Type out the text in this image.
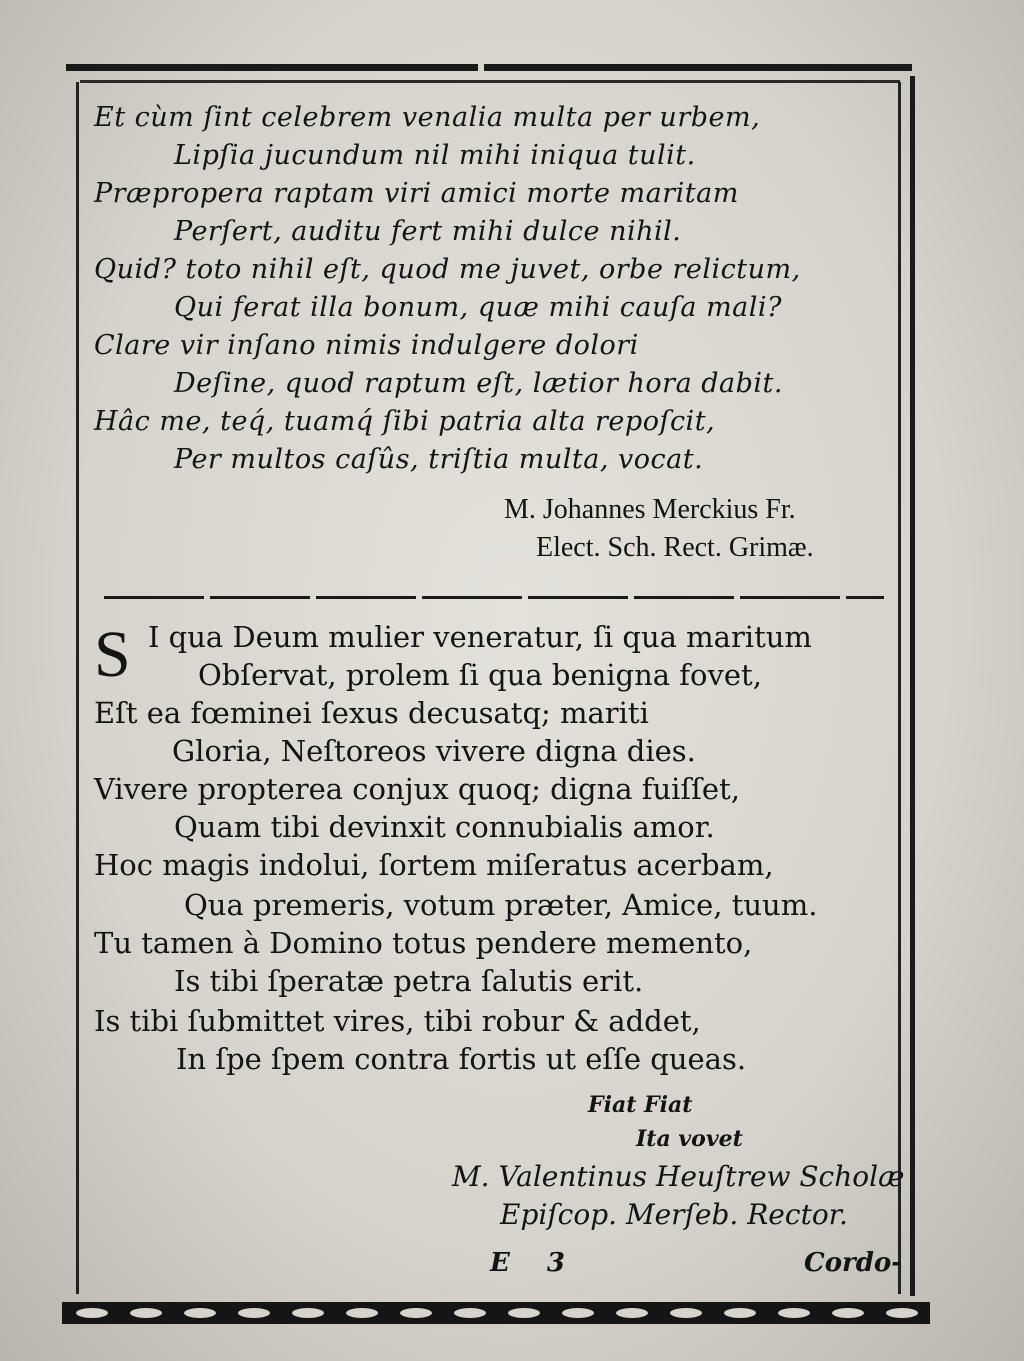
Et cùm ſint celebrem venalia multa per urbem,
Lipſia jucundum nil mihi iniqua tulit.
Præpropera raptam viri amici morte maritam
Perſert, auditu fert mihi dulce nihil.
Quid? toto nihil eſt, quod me juvet, orbe relictum,
Qui ferat illa bonum, quæ mihi cauſa mali?
Clare vir inſano nimis indulgere dolori
Deſine, quod raptum eſt, lætior hora dabit.
Hâc me, teq́, tuamq́ ſibi patria alta repoſcit,
Per multos caſûs, triſtia multa, vocat.
M. Johannes Merckius Fr.
Elect. Sch. Rect. Grimæ.
S I qua Deum mulier veneratur, ſi qua maritum
Obſervat, prolem ſi qua benigna fovet,
Eſt ea fœminei ſexus decusatq; mariti
Gloria, Neſtoreos vivere digna dies.
Vivere propterea conjux quoq; digna fuiſſet,
Quam tibi devinxit connubialis amor.
Hoc magis indolui, ſortem miſeratus acerbam,
Qua premeris, votum præter, Amice, tuum.
Tu tamen à Domino totus pendere memento,
Is tibi ſperatæ petra ſalutis erit.
Is tibi ſubmittet vires, tibi robur & addet,
In ſpe ſpem contra fortis ut eſſe queas.
Fiat Fiat
Ita vovet
M. Valentinus Heuſtrew Scholæ
Epiſcop. Merſeb. Rector.
E 3	Cordo-
